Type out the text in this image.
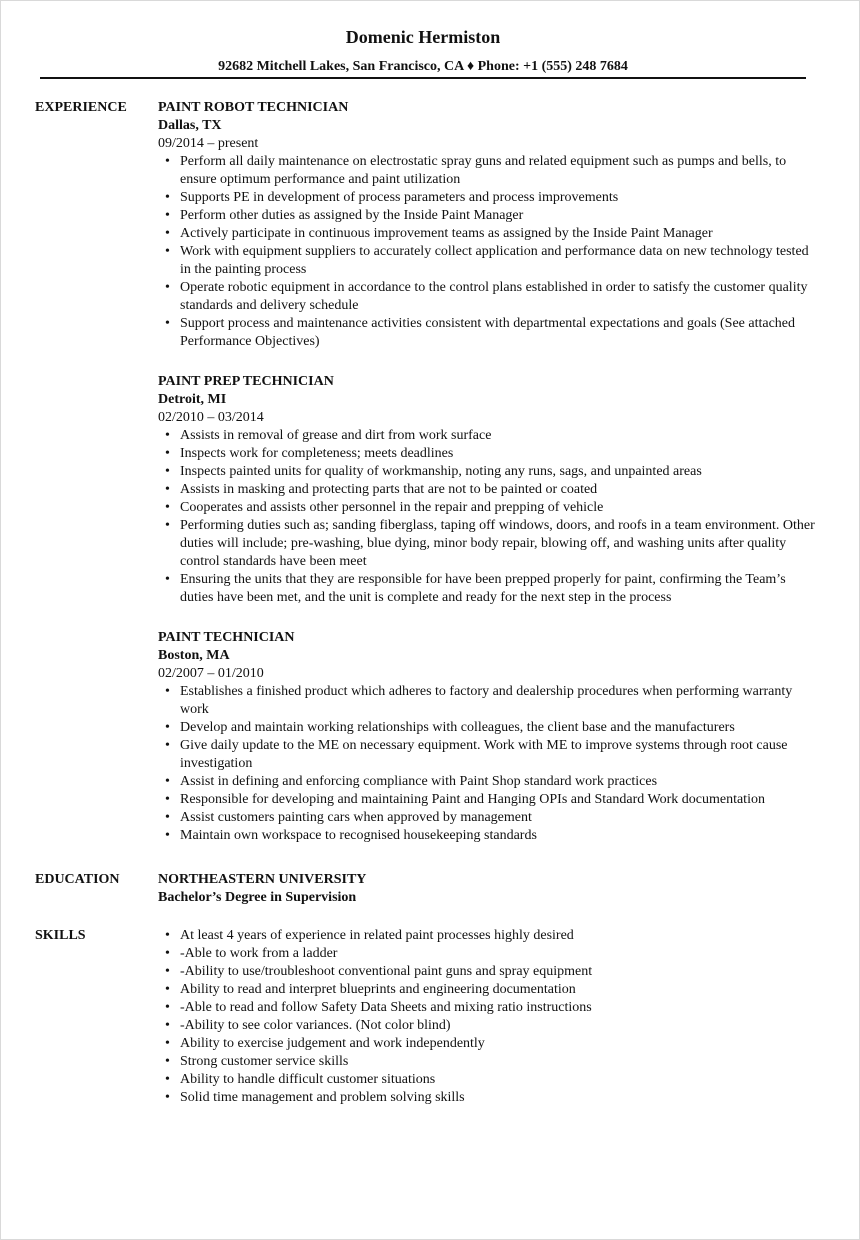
Domenic Hermiston
92682 Mitchell Lakes, San Francisco, CA ♦ Phone: +1 (555) 248 7684
EXPERIENCE PAINT ROBOT TECHNICIAN
Dallas, TX
09/2014 – present
• Perform all daily maintenance on electrostatic spray guns and related equipment such as pumps and bells, to ensure optimum performance and paint utilization
• Supports PE in development of process parameters and process improvements
• Perform other duties as assigned by the Inside Paint Manager
• Actively participate in continuous improvement teams as assigned by the Inside Paint Manager
• Work with equipment suppliers to accurately collect application and performance data on new technology tested in the painting process
• Operate robotic equipment in accordance to the control plans established in order to satisfy the customer quality standards and delivery schedule
• Support process and maintenance activities consistent with departmental expectations and goals (See attached Performance Objectives)
PAINT PREP TECHNICIAN
Detroit, MI
02/2010 – 03/2014
• Assists in removal of grease and dirt from work surface
• Inspects work for completeness; meets deadlines
• Inspects painted units for quality of workmanship, noting any runs, sags, and unpainted areas
• Assists in masking and protecting parts that are not to be painted or coated
• Cooperates and assists other personnel in the repair and prepping of vehicle
• Performing duties such as; sanding fiberglass, taping off windows, doors, and roofs in a team environment. Other duties will include; pre-washing, blue dying, minor body repair, blowing off, and washing units after quality control standards have been meet
• Ensuring the units that they are responsible for have been prepped properly for paint, confirming the Team’s duties have been met, and the unit is complete and ready for the next step in the process
PAINT TECHNICIAN
Boston, MA
02/2007 – 01/2010
• Establishes a finished product which adheres to factory and dealership procedures when performing warranty work
• Develop and maintain working relationships with colleagues, the client base and the manufacturers
• Give daily update to the ME on necessary equipment. Work with ME to improve systems through root cause investigation
• Assist in defining and enforcing compliance with Paint Shop standard work practices
• Responsible for developing and maintaining Paint and Hanging OPIs and Standard Work documentation
• Assist customers painting cars when approved by management
• Maintain own workspace to recognised housekeeping standards
EDUCATION	NORTHEASTERN UNIVERSITY
Bachelor’s Degree in Supervision
SKILLS
•	At least 4 years of experience in related paint processes highly desired
• -Able to work from a ladder
• -Ability to use/troubleshoot conventional paint guns and spray equipment
• Ability to read and interpret blueprints and engineering documentation
• -Able to read and follow Safety Data Sheets and mixing ratio instructions
• -Ability to see color variances. (Not color blind)
• Ability to exercise judgement and work independently
• Strong customer service skills
• Ability to handle difficult customer situations
• Solid time management and problem solving skills
